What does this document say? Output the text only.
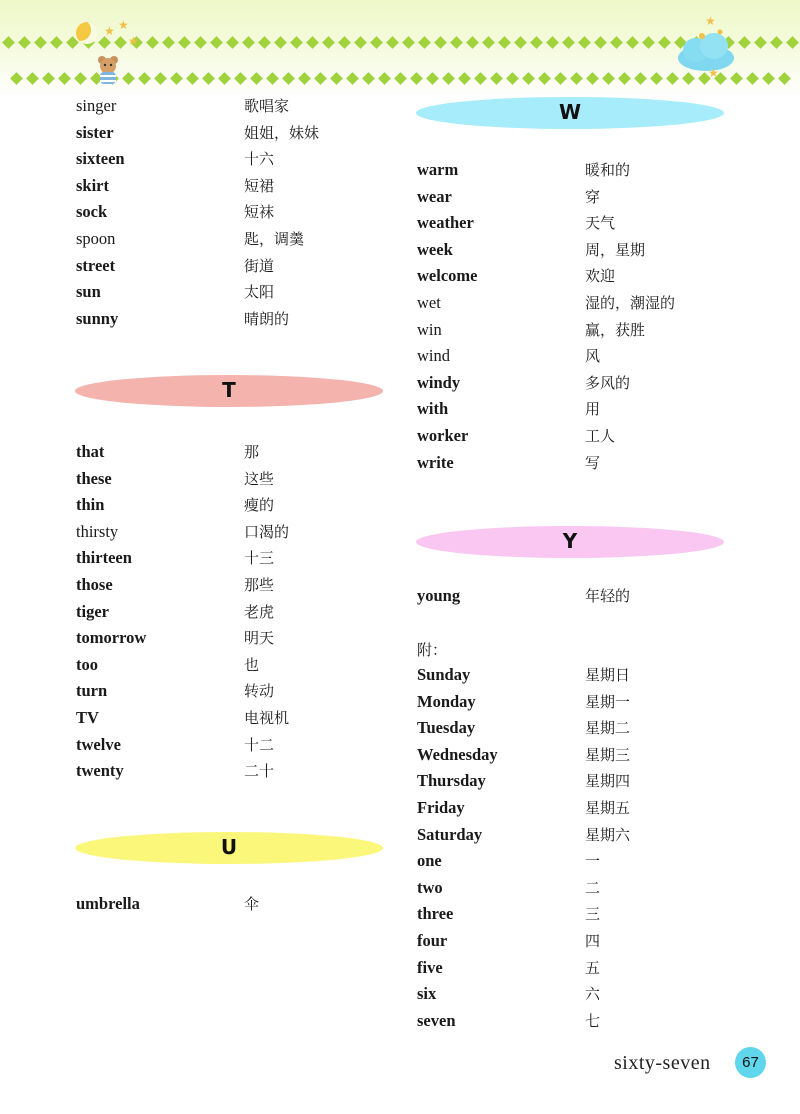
★ ★
★
★
★
singer	歌唱家
sister	姐姐，妹妹
sixteen	十六
skirt	短裙
sock	短袜
spoon	匙，调羹
street	街道
sun	太阳
sunny	晴朗的
T
that	那
these	这些
thin	瘦的
thirsty	口渴的
thirteen	十三
those	那些
tiger	老虎
tomorrow	明天
too	也
turn	转动
TV	电视机
twelve	十二
twenty	二十
U
umbrella	伞
W
warm	暖和的
wear	穿
weather	天气
week	周，星期
welcome	欢迎
wet	湿的，潮湿的
win	赢，获胜
wind	风
windy	多风的
with	用
worker	工人
write	写
Y
young	年轻的
附：
Sunday	星期日
Monday	星期一
Tuesday	星期二
Wednesday	星期三
Thursday	星期四
Friday	星期五
Saturday	星期六
one	一
two	二
three	三
four	四
five	五
six	六
seven	七
sixty-seven	67
